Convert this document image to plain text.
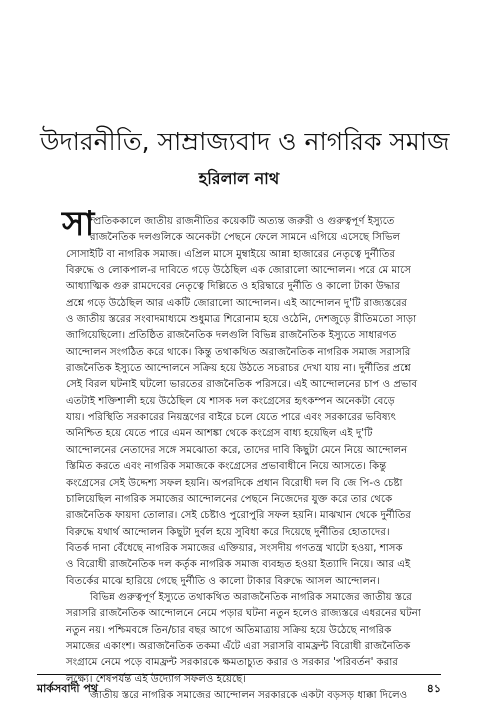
উদারনীতি, সাম্রাজ্যবাদ ও নাগরিক সমাজ
হরিলাল নাথ
সা
ম্প্রতিককালে জাতীয় রাজনীতির কয়েকটি অত্যন্ত জরুরী ও গুরুত্বপূর্ণ ইস্যুতে
রাজনৈতিক দলগুলিকে অনেকটা পেছনে ফেলে সামনে এগিয়ে এসেছে সিভিল
সোসাইটি বা নাগরিক সমাজ। এপ্রিল মাসে মুম্বাইয়ে আন্না হাজারের নেতৃত্বে দুর্নীতির
বিরুদ্ধে ও লোকপাল-র দাবিতে গড়ে উঠেছিল এক জোরালো আন্দোলন। পরে মে মাসে
আধ্যাত্মিক গুরু রামদেবের নেতৃত্বে দিল্লিতে ও হরিদ্বারে দুর্নীতি ও কালো টাকা উদ্ধার
প্রশ্নে গড়ে উঠেছিল আর একটি জোরালো আন্দোলন। এই আন্দোলন দু'টি রাজ্যস্তরের
ও জাতীয় স্তরের সংবাদমাধ্যমে শুধুমাত্র শিরোনাম হয়ে ওঠেনি, দেশজুড়ে রীতিমতো সাড়া
জাগিয়েছিলো। প্রতিষ্ঠিত রাজনৈতিক দলগুলি বিভিন্ন রাজনৈতিক ইস্যুতে সাধারণত
আন্দোলন সংগঠিত করে থাকে। কিন্তু তথাকথিত অরাজনৈতিক নাগরিক সমাজ সরাসরি
রাজনৈতিক ইস্যুতে আন্দোলনে সক্রিয় হয়ে উঠতে সচরাচর দেখা যায় না। দুর্নীতির প্রশ্নে
সেই বিরল ঘটনাই ঘটলো ভারতের রাজনৈতিক পরিসরে। এই আন্দোলনের চাপ ও প্রভাব
এতটাই শক্তিশালী হয়ে উঠেছিল যে শাসক দল কংগ্রেসের হৃৎকম্পন অনেকটা বেড়ে
যায়। পরিস্থিতি সরকারের নিয়ন্ত্রণের বাইরে চলে যেতে পারে এবং সরকারের ভবিষ্যৎ
অনিশ্চিত হয়ে যেতে পারে এমন আশঙ্কা থেকে কংগ্রেস বাধ্য হয়েছিল এই দু'টি
আন্দোলনের নেতাদের সঙ্গে সমঝোতা করে, তাদের দাবি কিছুটা মেনে নিয়ে আন্দোলন
স্তিমিত করতে এবং নাগরিক সমাজকে কংগ্রেসের প্রভাবাধীনে নিয়ে আসতে। কিন্তু
কংগ্রেসের সেই উদ্দেশ্য সফল হয়নি। অপরদিকে প্রধান বিরোধী দল বি জে পি-ও চেষ্টা
চালিয়েছিল নাগরিক সমাজের আন্দোলনের পেছনে নিজেদের যুক্ত করে তার থেকে
রাজনৈতিক ফায়দা তোলার। সেই চেষ্টাও পুরোপুরি সফল হয়নি। মাঝখান থেকে দুর্নীতির
বিরুদ্ধে যথার্থ আন্দোলন কিছুটা দুর্বল হয়ে সুবিধা করে দিয়েছে দুর্নীতির হোতাদের।
বিতর্ক দানা বেঁধেছে নাগরিক সমাজের এক্তিয়ার, সংসদীয় গণতন্ত্র খাটো হওয়া, শাসক
ও বিরোধী রাজনৈতিক দল কর্তৃক নাগরিক সমাজ ব্যবহৃত হওয়া ইত্যাদি নিয়ে। আর এই
বিতর্কের মাঝে হারিয়ে গেছে দুর্নীতি ও কালো টাকার বিরুদ্ধে আসল আন্দোলন।
বিভিন্ন গুরুত্বপূর্ণ ইস্যুতে তথাকথিত অরাজনৈতিক নাগরিক সমাজের জাতীয় স্তরে
সরাসরি রাজনৈতিক আন্দোলনে নেমে পড়ার ঘটনা নতুন হলেও রাজ্যস্তরে এধরনের ঘটনা
নতুন নয়। পশ্চিমবঙ্গে তিন/চার বছর আগে অতিমাত্রায় সক্রিয় হয়ে উঠেছে নাগরিক
সমাজের একাংশ। অরাজনৈতিক তকমা এঁটে এরা সরাসরি বামফ্রন্ট বিরোধী রাজনৈতিক
সংগ্রামে নেমে পড়ে বামফ্রন্ট সরকারকে ক্ষমতাচ্যুত করার ও সরকার 'পরিবর্তন' করার
লক্ষ্যে। শেষপর্যন্ত এই উদ্যোগ সফলও হয়েছে।
জাতীয় স্তরে নাগরিক সমাজের আন্দোলন সরকারকে একটা বড়সড় ধাক্কা দিলেও
মার্কসবাদী পথ	৪১
